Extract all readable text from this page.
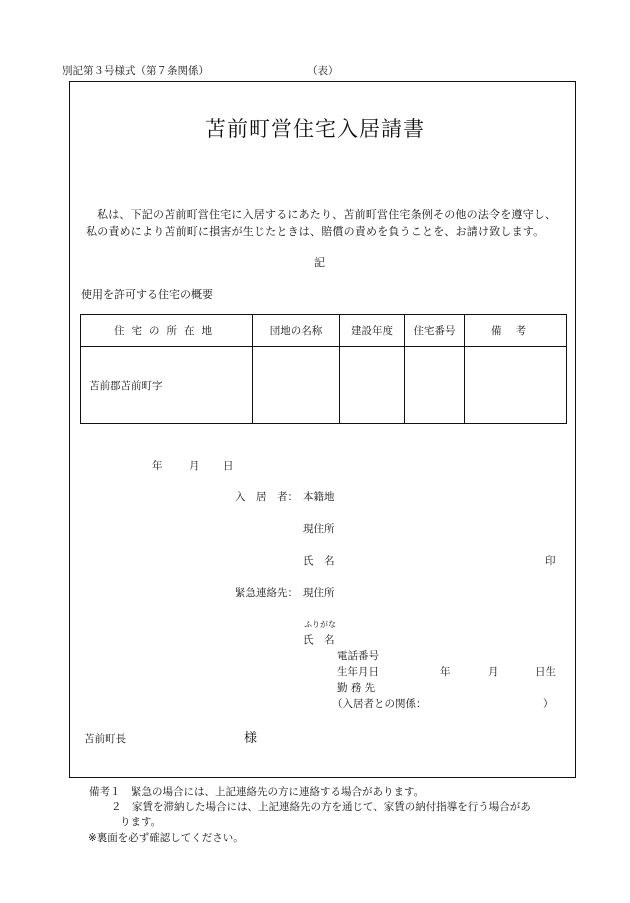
別記第３号様式（第７条関係）	（表）
苫前町営住宅入居請書
私は、下記の苫前町営住宅に入居するにあたり、苫前町営住宅条例その他の法令を遵守し、
私の責めにより苫前町に損害が生じたときは、賠償の責めを負うことを、お請け致します。
記
使用を許可する住宅の概要
住宅の所在地	団地の名称	建設年度	住宅番号	備考
苫前郡苫前町字				
年	月 日
入　居　者： 本籍地
現住所
氏　名	印
緊急連絡先： 現住所
ふりがな
氏　名
電話番号
生年月日	年	月	日生
勤 務 先
（入居者との関係：	）
苫前町長	様
備考１　緊急の場合には、上記連絡先の方に連絡する場合があります。
２　家賃を滞納した場合には、上記連絡先の方を通じて、家賃の納付指導を行う場合があ
ります。
※裏面を必ず確認してください。
